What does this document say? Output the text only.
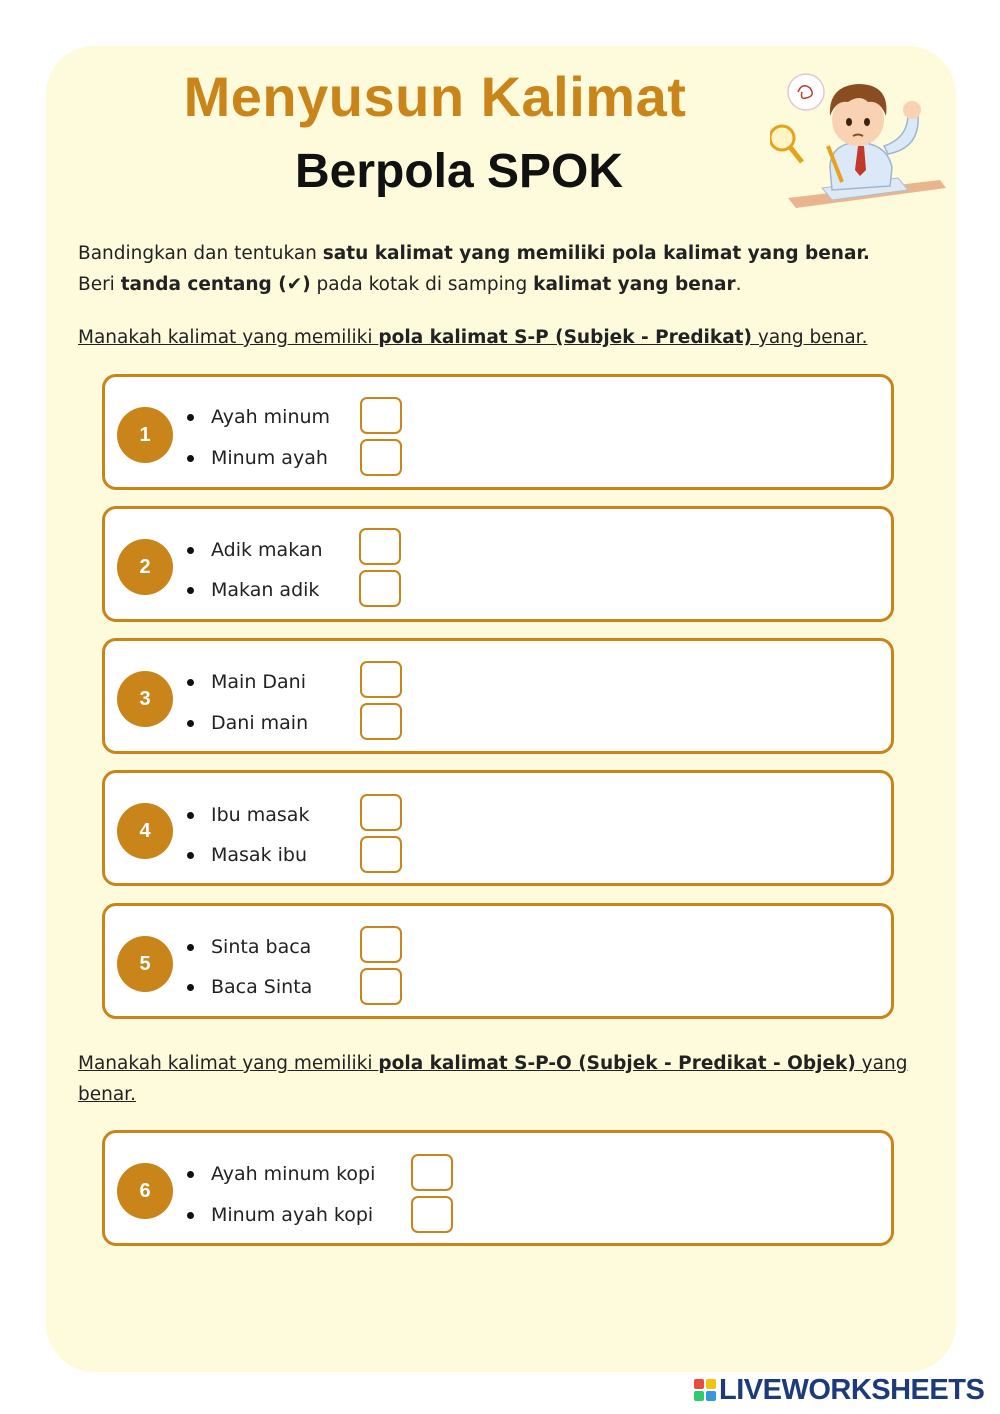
Menyusun Kalimat
Berpola SPOK
Bandingkan dan tentukan satu kalimat yang memiliki pola kalimat yang benar.
Beri tanda centang (✔) pada kotak di samping kalimat yang benar.
Manakah kalimat yang memiliki pola kalimat S-P (Subjek - Predikat) yang benar.
1
Ayah minum
Minum ayah
2
Adik makan
Makan adik
3
Main Dani
Dani main
4
Ibu masak
Masak ibu
5
Sinta baca
Baca Sinta
Manakah kalimat yang memiliki pola kalimat S-P-O (Subjek - Predikat - Objek) yang benar.
6
Ayah minum kopi
Minum ayah kopi
LIVEWORKSHEETS
